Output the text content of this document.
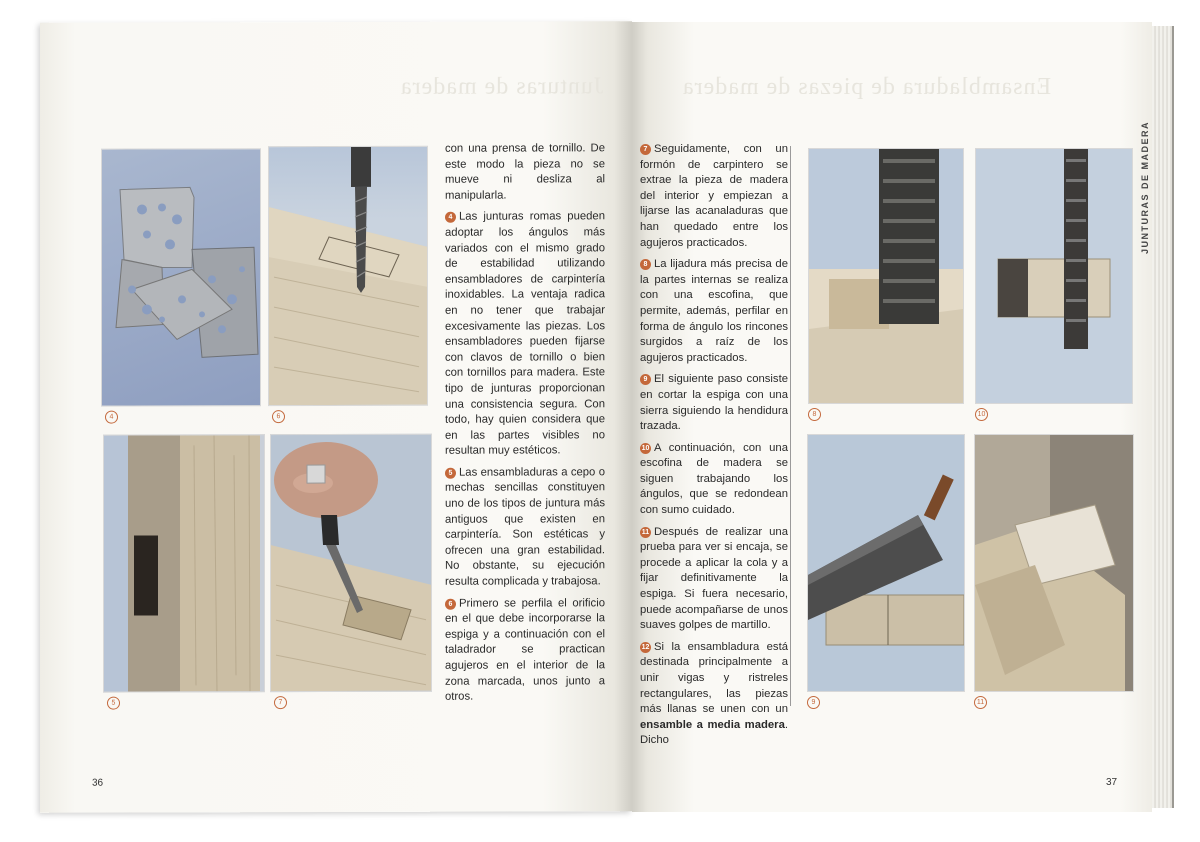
Junturas de madera
4	6
5	7

con una prensa de tornillo. De este modo la pieza no se mueve ni desliza al manipularla.

4 Las junturas romas pueden adoptar los ángulos más variados con el mismo grado de estabilidad utilizando ensambladores de carpintería inoxidables. La ventaja radica en no tener que trabajar excesivamente las piezas. Los ensambladores pueden fijarse con clavos de tornillo o bien con tornillos para madera. Este tipo de junturas proporcionan una consistencia segura. Con todo, hay quien considera que en las partes visibles no resultan muy estéticos.

5 Las ensambladuras a cepo o mechas sencillas constituyen uno de los tipos de juntura más antiguos que existen en carpintería. Son estéticas y ofrecen una gran estabilidad. No obstante, su ejecución resulta complicada y trabajosa.

6 Primero se perfila el orificio en el que debe incorporarse la espiga y a continuación con el taladrador se practican agujeros en el interior de la zona marcada, unos junto a otros.

36
Ensambladura de piezas de madera

7 Seguidamente, con un formón de carpintero se extrae la pieza de madera del interior y empiezan a lijarse las acanaladuras que han quedado entre los agujeros practicados.

8 La lijadura más precisa de la partes internas se realiza con una escofina, que permite, además, perfilar en forma de ángulo los rincones surgidos a raíz de los agujeros practicados.

9 El siguiente paso consiste en cortar la espiga con una sierra siguiendo la hendidura trazada.

10 A continuación, con una escofina de madera se siguen trabajando los ángulos, que se redondean con sumo cuidado.

11 Después de realizar una prueba para ver si encaja, se procede a aplicar la cola y a fijar definitivamente la espiga. Si fuera necesario, puede acompañarse de unos suaves golpes de martillo.

12 Si la ensambladura está destinada principalmente a unir vigas y ristreles rectangulares, las piezas más llanas se unen con un ensamble a media madera. Dicho

8	10
9	11
JUNTURAS DE MADERA
37
